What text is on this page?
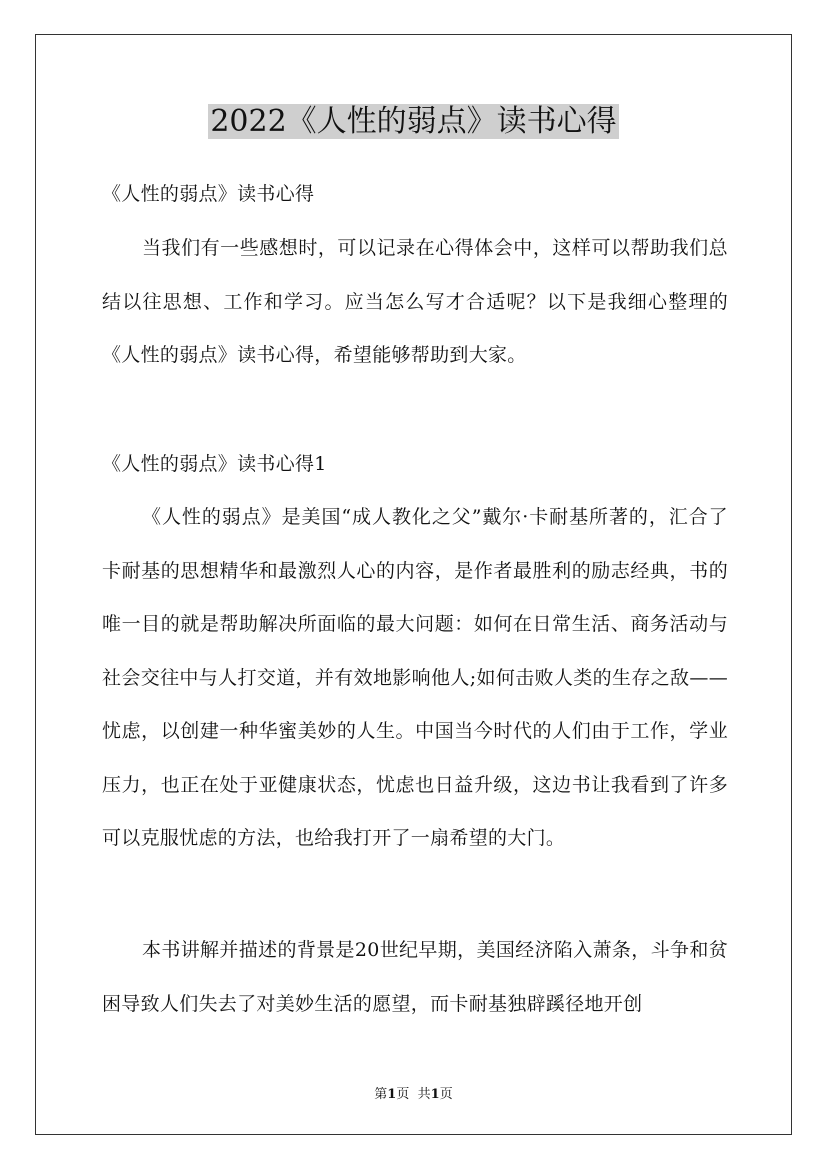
2022《人性的弱点》读书心得

《人性的弱点》读书心得

当我们有一些感想时，可以记录在心得体会中，这样可以帮助我们总结以往思想、工作和学习。应当怎么写才合适呢？以下是我细心整理的《人性的弱点》读书心得，希望能够帮助到大家。

《人性的弱点》读书心得1

《人性的弱点》是美国“成人教化之父”戴尔·卡耐基所著的，汇合了卡耐基的思想精华和最激烈人心的内容，是作者最胜利的励志经典，书的唯一目的就是帮助解决所面临的最大问题：如何在日常生活、商务活动与社会交往中与人打交道，并有效地影响他人;如何击败人类的生存之敌——忧虑，以创建一种华蜜美妙的人生。中国当今时代的人们由于工作，学业压力，也正在处于亚健康状态，忧虑也日益升级，这边书让我看到了许多可以克服忧虑的方法，也给我打开了一扇希望的大门。

本书讲解并描述的背景是20世纪早期，美国经济陷入萧条，斗争和贫困导致人们失去了对美妙生活的愿望，而卡耐基独辟蹊径地开创

第1页 共1页
